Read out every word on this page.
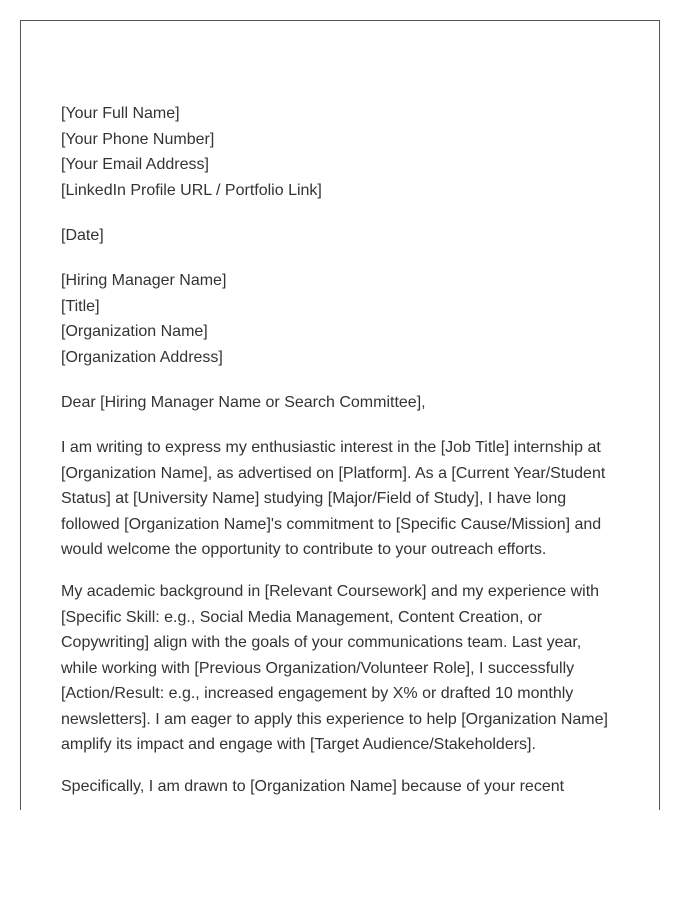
[Your Full Name]
[Your Phone Number]
[Your Email Address]
[LinkedIn Profile URL / Portfolio Link]
[Date]
[Hiring Manager Name]
[Title]
[Organization Name]
[Organization Address]
Dear [Hiring Manager Name or Search Committee],

I am writing to express my enthusiastic interest in the [Job Title] internship at
[Organization Name], as advertised on [Platform]. As a [Current Year/Student
Status] at [University Name] studying [Major/Field of Study], I have long
followed [Organization Name]'s commitment to [Specific Cause/Mission] and
would welcome the opportunity to contribute to your outreach efforts.

My academic background in [Relevant Coursework] and my experience with
[Specific Skill: e.g., Social Media Management, Content Creation, or
Copywriting] align with the goals of your communications team. Last year,
while working with [Previous Organization/Volunteer Role], I successfully
[Action/Result: e.g., increased engagement by X% or drafted 10 monthly
newsletters]. I am eager to apply this experience to help [Organization Name]
amplify its impact and engage with [Target Audience/Stakeholders].

Specifically, I am drawn to [Organization Name] because of your recent
